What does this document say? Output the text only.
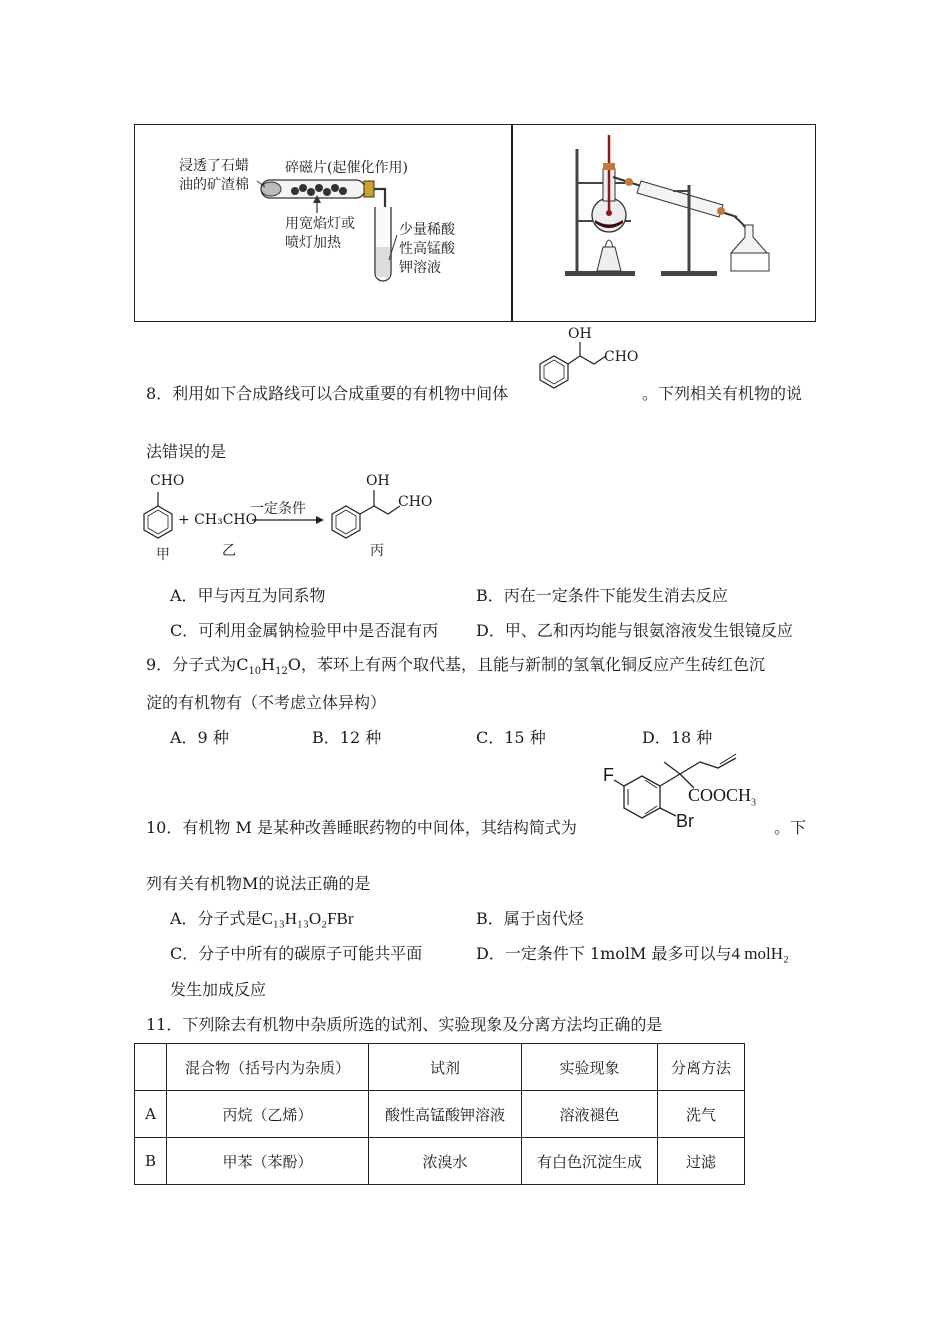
浸透了石蜡
油的矿渣棉
碎磁片(起催化作用)
用宽焰灯或
喷灯加热
少量稀酸
性高锰酸
钾溶液
8．利用如下合成路线可以合成重要的有机物中间体
OH
CHO
。下列相关有机物的说
法错误的是
CHO
+ CH₃CHO
一定条件
OH
CHO
甲	乙	丙
A．甲与丙互为同系物	B．丙在一定条件下能发生消去反应
C．可利用金属钠检验甲中是否混有丙 D．甲、乙和丙均能与银氨溶液发生银镜反应
9．分子式为$C_{10}H_{12}O$，苯环上有两个取代基，且能与新制的氢氧化铜反应产生砖红色沉
淀的有机物有（不考虑立体异构）
A．9 种	B．12 种	C．15 种	D．18 种
10．有机物 M 是某种改善睡眠药物的中间体，其结构简式为
F
$COOCH_3$
Br	。下
列有关有机物M的说法正确的是
A．分子式是C₁₃H₁₃O₂FBr	B．属于卤代烃
C．分子中所有的碳原子可能共平面	D．一定条件下 1molM 最多可以与4 molH₂
发生加成反应
11．下列除去有机物中杂质所选的试剂、实验现象及分离方法均正确的是
	混合物（括号内为杂质）	试剂	实验现象	分离方法
A	丙烷（乙烯）	酸性高锰酸钾溶液	溶液褪色	洗气
B	甲苯（苯酚）	浓溴水	有白色沉淀生成	过滤
